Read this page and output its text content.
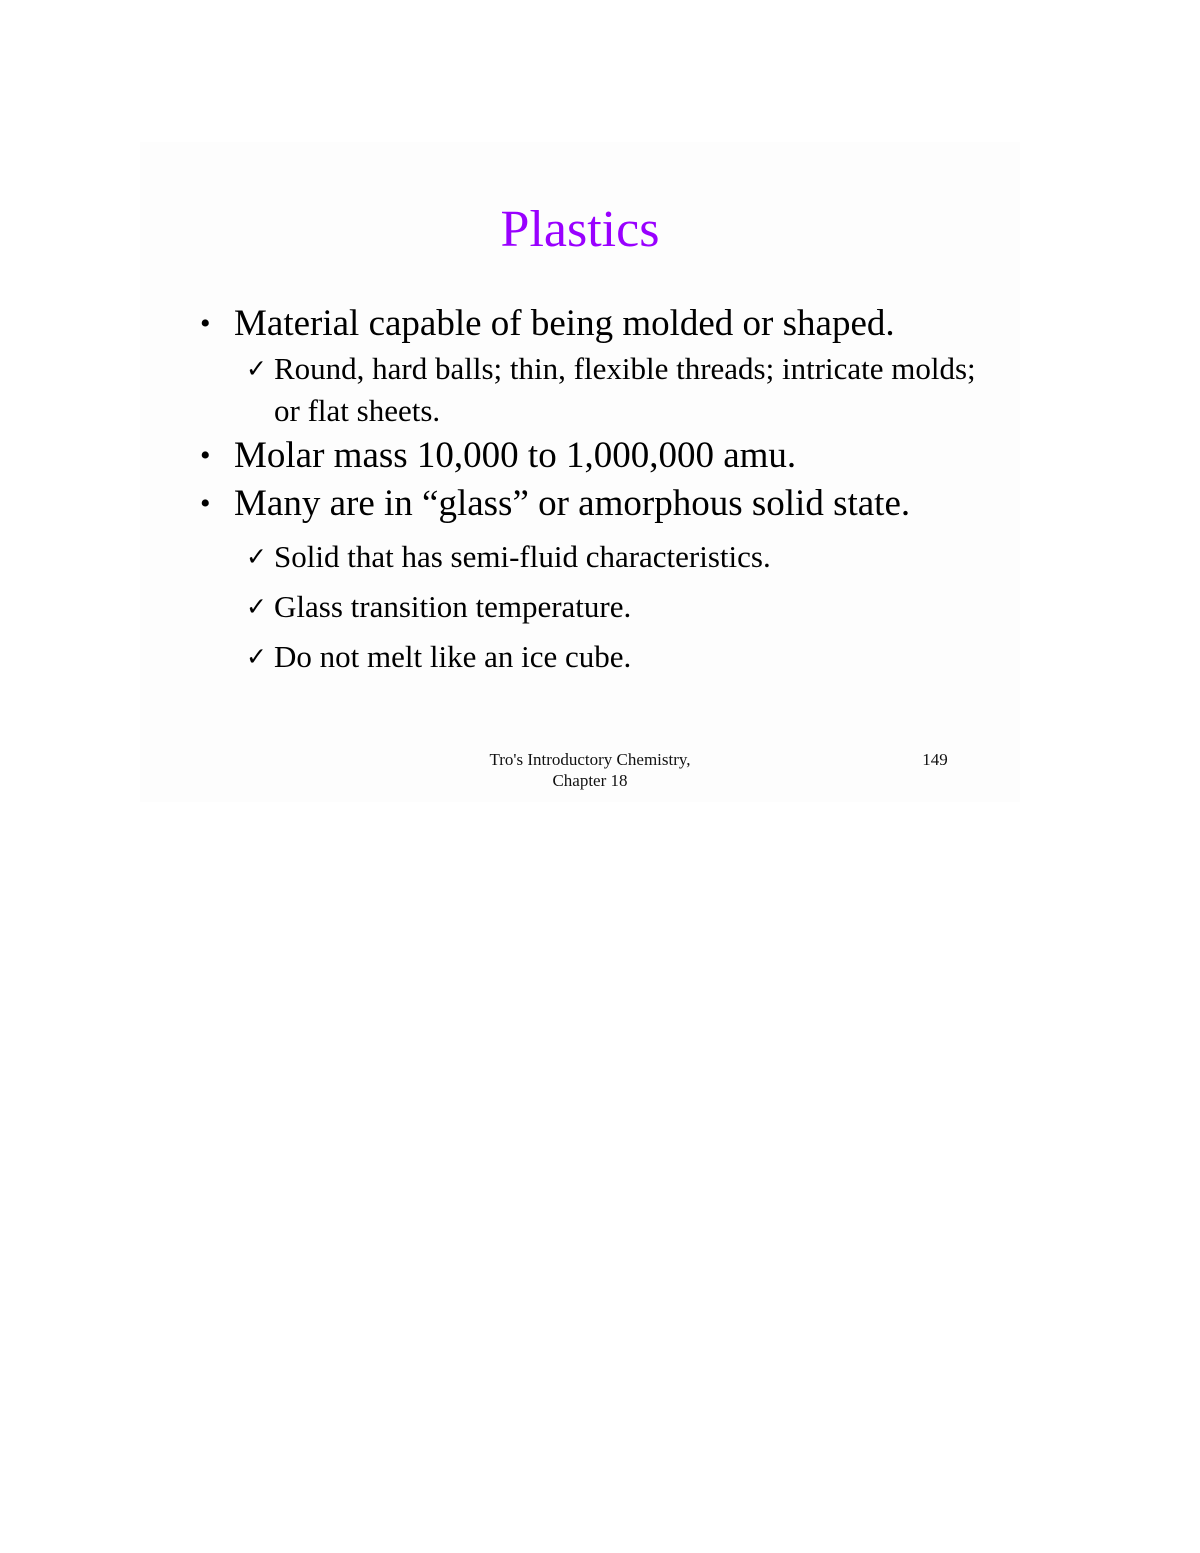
Plastics
• Material capable of being molded or shaped.
✓ Round, hard balls; thin, flexible threads; intricate molds; or flat sheets.
• Molar mass 10,000 to 1,000,000 amu.
• Many are in “glass” or amorphous solid state.
✓ Solid that has semi-fluid characteristics.
✓ Glass transition temperature.
✓ Do not melt like an ice cube.
Tro's Introductory Chemistry,
Chapter 18
149
